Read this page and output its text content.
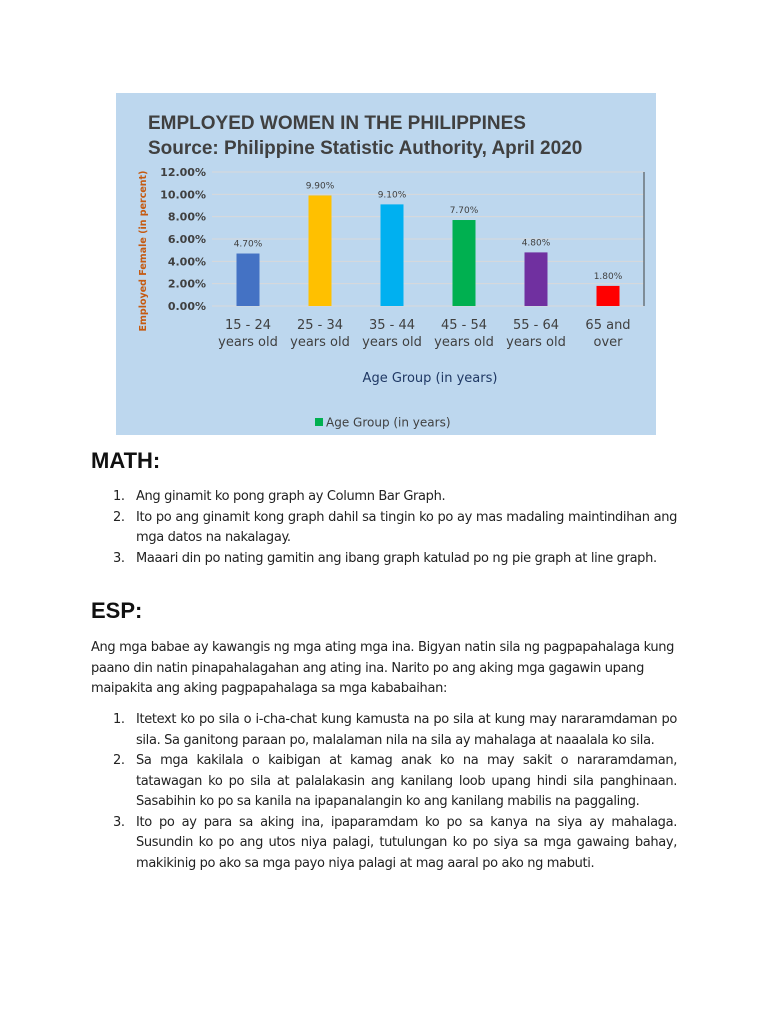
EMPLOYED WOMEN IN THE PHILIPPINES
Source: Philippine Statistic Authority, April 2020
0.00%
2.00%
4.00%
6.00%
8.00%
10.00%
12.00%
4.70%
15 - 24
years old
9.90%
25 - 34
years old
9.10%
35 - 44
years old
7.70%
45 - 54
years old
4.80%
55 - 64
years old
1.80%
65 and
over
Employed Female (in percent)
Age Group (in years)
Age Group (in years)
MATH:
1. Ang ginamit ko pong graph ay Column Bar Graph.
2. Ito po ang ginamit kong graph dahil sa tingin ko po ay mas madaling maintindihan ang mga datos na nakalagay.
3. Maaari din po nating gamitin ang ibang graph katulad po ng pie graph at line graph.
ESP:

Ang mga babae ay kawangis ng mga ating mga ina. Bigyan natin sila ng pagpapahalaga kung paano din natin pinapahalagahan ang ating ina. Narito po ang aking mga gagawin upang maipakita ang aking pagpapahalaga sa mga kababaihan:

1. Itetext ko po sila o i-cha-chat kung kamusta na po sila at kung may nararamdaman po sila. Sa ganitong paraan po, malalaman nila na sila ay mahalaga at naaalala ko sila.
2. Sa mga kakilala o kaibigan at kamag anak ko na may sakit o nararamdaman, tatawagan ko po sila at palalakasin ang kanilang loob upang hindi sila panghinaan. Sasabihin ko po sa kanila na ipapanalangin ko ang kanilang mabilis na paggaling.
3. Ito po ay para sa aking ina, ipaparamdam ko po sa kanya na siya ay mahalaga. Susundin ko po ang utos niya palagi, tutulungan ko po siya sa mga gawaing bahay, makikinig po ako sa mga payo niya palagi at mag aaral po ako ng mabuti.
